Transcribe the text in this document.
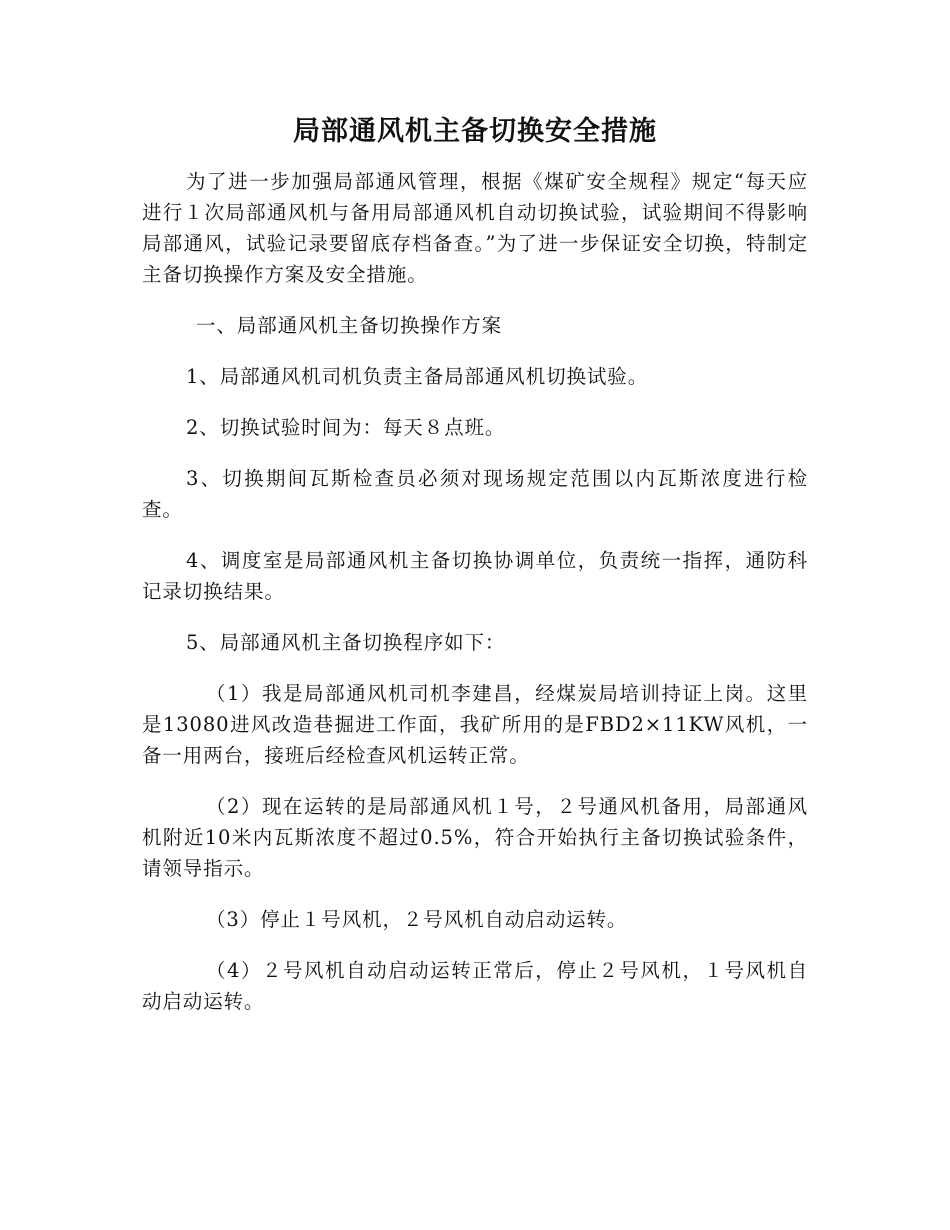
局部通风机主备切换安全措施

为了进一步加强局部通风管理，根据《煤矿安全规程》规定“每天应进行１次局部通风机与备用局部通风机自动切换试验，试验期间不得影响局部通风，试验记录要留底存档备查。”为了进一步保证安全切换，特制定主备切换操作方案及安全措施。

一、局部通风机主备切换操作方案

1、局部通风机司机负责主备局部通风机切换试验。

2、切换试验时间为：每天８点班。

3、切换期间瓦斯检查员必须对现场规定范围以内瓦斯浓度进行检查。

4、调度室是局部通风机主备切换协调单位，负责统一指挥，通防科记录切换结果。

5、局部通风机主备切换程序如下：

（1）我是局部通风机司机李建昌，经煤炭局培训持证上岗。这里是13080进风改造巷掘进工作面，我矿所用的是FBD2×11KW风机，一备一用两台，接班后经检查风机运转正常。

（2）现在运转的是局部通风机１号，２号通风机备用，局部通风机附近10米内瓦斯浓度不超过0.5%，符合开始执行主备切换试验条件，请领导指示。

（3）停止１号风机，２号风机自动启动运转。

（4）２号风机自动启动运转正常后，停止２号风机，１号风机自动启动运转。
